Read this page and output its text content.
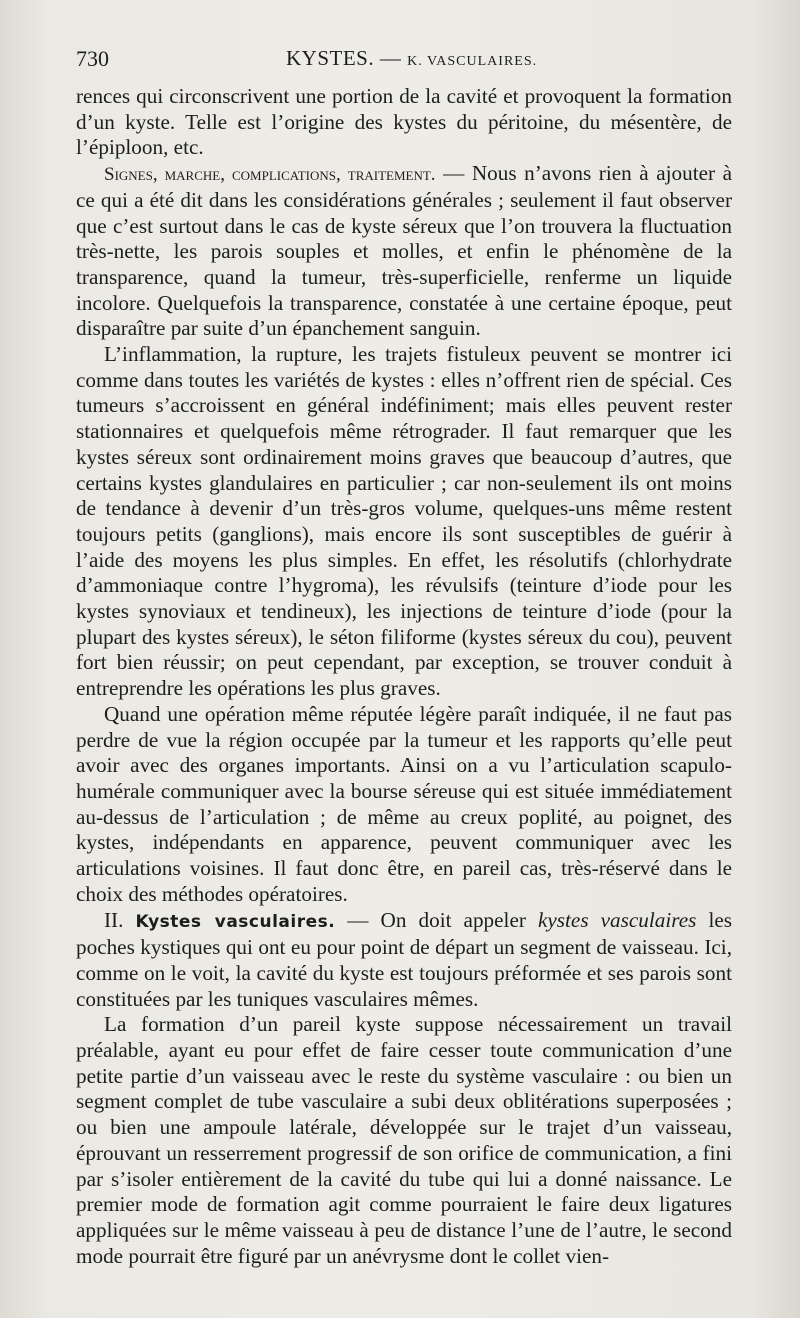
730	KYSTES. — K. VASCULAIRES.

rences qui circonscrivent une portion de la cavité et provoquent la formation d’un kyste. Telle est l’origine des kystes du péritoine, du mésentère, de l’épiploon, etc.

Signes, marche, complications, traitement. — Nous n’avons rien à ajouter à ce qui a été dit dans les considérations générales ; seulement il faut observer que c’est surtout dans le cas de kyste séreux que l’on trouvera la fluctuation très-nette, les parois souples et molles, et enfin le phénomène de la transparence, quand la tumeur, très-superficielle, renferme un liquide incolore. Quelquefois la transparence, constatée à une certaine époque, peut disparaître par suite d’un épanchement sanguin.

L’inflammation, la rupture, les trajets fistuleux peuvent se montrer ici comme dans toutes les variétés de kystes : elles n’offrent rien de spécial. Ces tumeurs s’accroissent en général indéfiniment; mais elles peuvent rester stationnaires et quelquefois même rétrograder. Il faut remarquer que les kystes séreux sont ordinairement moins graves que beaucoup d’autres, que certains kystes glandulaires en particulier ; car non-seulement ils ont moins de tendance à devenir d’un très-gros volume, quelques-uns même restent toujours petits (ganglions), mais encore ils sont susceptibles de guérir à l’aide des moyens les plus simples. En effet, les résolutifs (chlorhydrate d’ammoniaque contre l’hygroma), les révulsifs (teinture d’iode pour les kystes synoviaux et tendineux), les injections de teinture d’iode (pour la plupart des kystes séreux), le séton filiforme (kystes séreux du cou), peuvent fort bien réussir; on peut cependant, par exception, se trouver conduit à entreprendre les opérations les plus graves.

Quand une opération même réputée légère paraît indiquée, il ne faut pas perdre de vue la région occupée par la tumeur et les rapports qu’elle peut avoir avec des organes importants. Ainsi on a vu l’articulation scapulo-humérale communiquer avec la bourse séreuse qui est située immédiatement au-dessus de l’articulation ; de même au creux poplité, au poignet, des kystes, indépendants en apparence, peuvent communiquer avec les articulations voisines. Il faut donc être, en pareil cas, très-réservé dans le choix des méthodes opératoires.

II. Kystes vasculaires. — On doit appeler kystes vasculaires les poches kystiques qui ont eu pour point de départ un segment de vaisseau. Ici, comme on le voit, la cavité du kyste est toujours préformée et ses parois sont constituées par les tuniques vasculaires mêmes.

La formation d’un pareil kyste suppose nécessairement un travail préalable, ayant eu pour effet de faire cesser toute communication d’une petite partie d’un vaisseau avec le reste du système vasculaire : ou bien un segment complet de tube vasculaire a subi deux oblitérations superposées ; ou bien une ampoule latérale, développée sur le trajet d’un vaisseau, éprouvant un resserrement progressif de son orifice de communication, a fini par s’isoler entièrement de la cavité du tube qui lui a donné naissance. Le premier mode de formation agit comme pourraient le faire deux ligatures appliquées sur le même vaisseau à peu de distance l’une de l’autre, le second mode pourrait être figuré par un anévrysme dont le collet vien-
